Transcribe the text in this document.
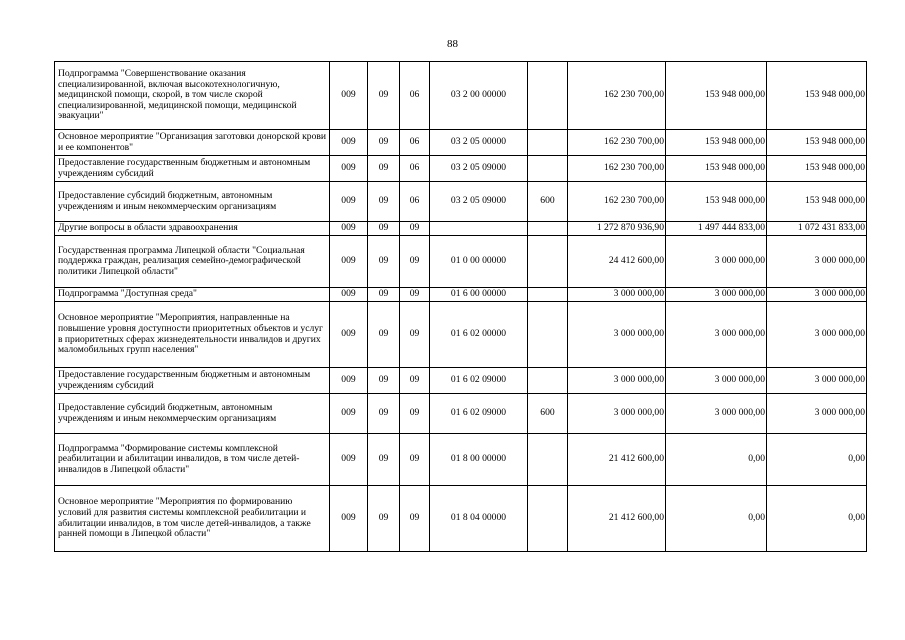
88
Подпрограмма "Совершенствование оказания специализированной, включая высокотехнологичную, медицинской помощи, скорой, в том числе скорой специализированной, медицинской помощи, медицинской эвакуации"	009	09	06	03 2 00 00000		162 230 700,00	153 948 000,00	153 948 000,00
Основное мероприятие "Организация заготовки донорской крови и ее компонентов"	009	09	06	03 2 05 00000		162 230 700,00	153 948 000,00	153 948 000,00
Предоставление государственным бюджетным и автономным учреждениям субсидий	009	09	06	03 2 05 09000		162 230 700,00	153 948 000,00	153 948 000,00
Предоставление субсидий бюджетным, автономным учреждениям и иным некоммерческим организациям	009	09	06	03 2 05 09000	600	162 230 700,00	153 948 000,00	153 948 000,00
Другие вопросы в области здравоохранения	009	09	09			1 272 870 936,90	1 497 444 833,00	1 072 431 833,00
Государственная программа Липецкой области "Социальная поддержка граждан, реализация семейно-демографической политики Липецкой области"	009	09	09	01 0 00 00000		24 412 600,00	3 000 000,00	3 000 000,00
Подпрограмма "Доступная среда"	009	09	09	01 6 00 00000		3 000 000,00	3 000 000,00	3 000 000,00
Основное мероприятие "Мероприятия, направленные на повышение уровня доступности приоритетных объектов и услуг в приоритетных сферах жизнедеятельности инвалидов и других маломобильных групп населения"	009	09	09	01 6 02 00000		3 000 000,00	3 000 000,00	3 000 000,00
Предоставление государственным бюджетным и автономным учреждениям субсидий	009	09	09	01 6 02 09000		3 000 000,00	3 000 000,00	3 000 000,00
Предоставление субсидий бюджетным, автономным учреждениям и иным некоммерческим организациям	009	09	09	01 6 02 09000	600	3 000 000,00	3 000 000,00	3 000 000,00
Подпрограмма "Формирование системы комплексной реабилитации и абилитации инвалидов, в том числе детей-инвалидов в Липецкой области"	009	09	09	01 8 00 00000		21 412 600,00	0,00	0,00
Основное мероприятие "Мероприятия по формированию условий для развития системы комплексной реабилитации и абилитации инвалидов, в том числе детей-инвалидов, а также ранней помощи в Липецкой области"	009	09	09	01 8 04 00000		21 412 600,00	0,00	0,00
